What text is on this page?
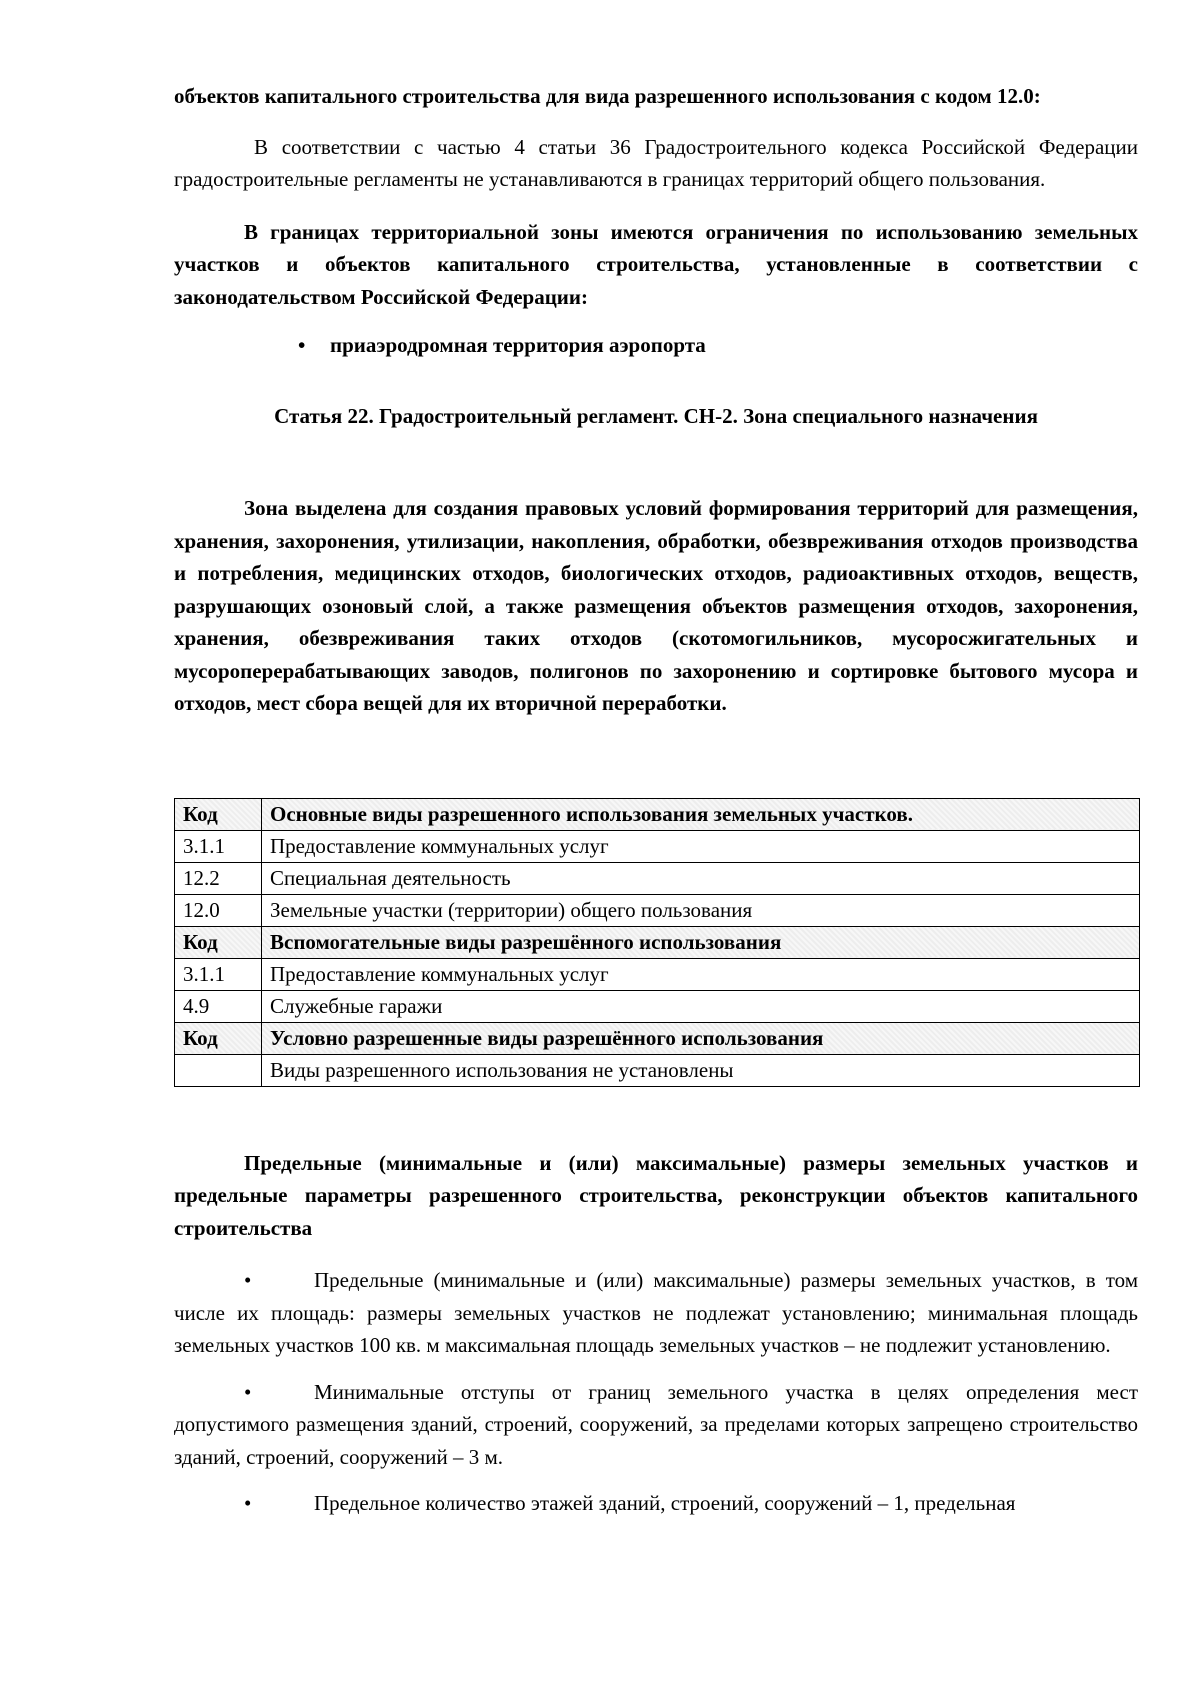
объектов капитального строительства для вида разрешенного использования с кодом 12.0:

В соответствии с частью 4 статьи 36 Градостроительного кодекса Российской Федерации градостроительные регламенты не устанавливаются в границах территорий общего пользования.

В границах территориальной зоны имеются ограничения по использованию земельных участков и объектов капитального строительства, установленные в соответствии с законодательством Российской Федерации:

• приаэродромная территория аэропорта
Статья 22. Градостроительный регламент. СН-2. Зона специального назначения

Зона выделена для создания правовых условий формирования территорий для размещения, хранения, захоронения, утилизации, накопления, обработки, обезвреживания отходов производства и потребления, медицинских отходов, биологических отходов, радиоактивных отходов, веществ, разрушающих озоновый слой, а также размещения объектов размещения отходов, захоронения, хранения, обезвреживания таких отходов (скотомогильников, мусоросжигательных и мусороперерабатывающих заводов, полигонов по захоронению и сортировке бытового мусора и отходов, мест сбора вещей для их вторичной переработки.

Код	Основные виды разрешенного использования земельных участков.
3.1.1	Предоставление коммунальных услуг
12.2	Специальная деятельность
12.0	Земельные участки (территории) общего пользования
Код	Вспомогательные виды разрешённого использования
3.1.1	Предоставление коммунальных услуг
4.9	Служебные гаражи
Код	Условно разрешенные виды разрешённого использования
	Виды разрешенного использования не установлены

Предельные (минимальные и (или) максимальные) размеры земельных участков и предельные параметры разрешенного строительства, реконструкции объектов капитального строительства

•	Предельные (минимальные и (или) максимальные) размеры земельных участков, в том числе их площадь: размеры земельных участков не подлежат установлению; минимальная площадь земельных участков 100 кв. м максимальная площадь земельных участков – не подлежит установлению.
•	Минимальные отступы от границ земельного участка в целях определения мест допустимого размещения зданий, строений, сооружений, за пределами которых запрещено строительство зданий, строений, сооружений – 3 м.
•	Предельное количество этажей зданий, строений, сооружений – 1, предельная
